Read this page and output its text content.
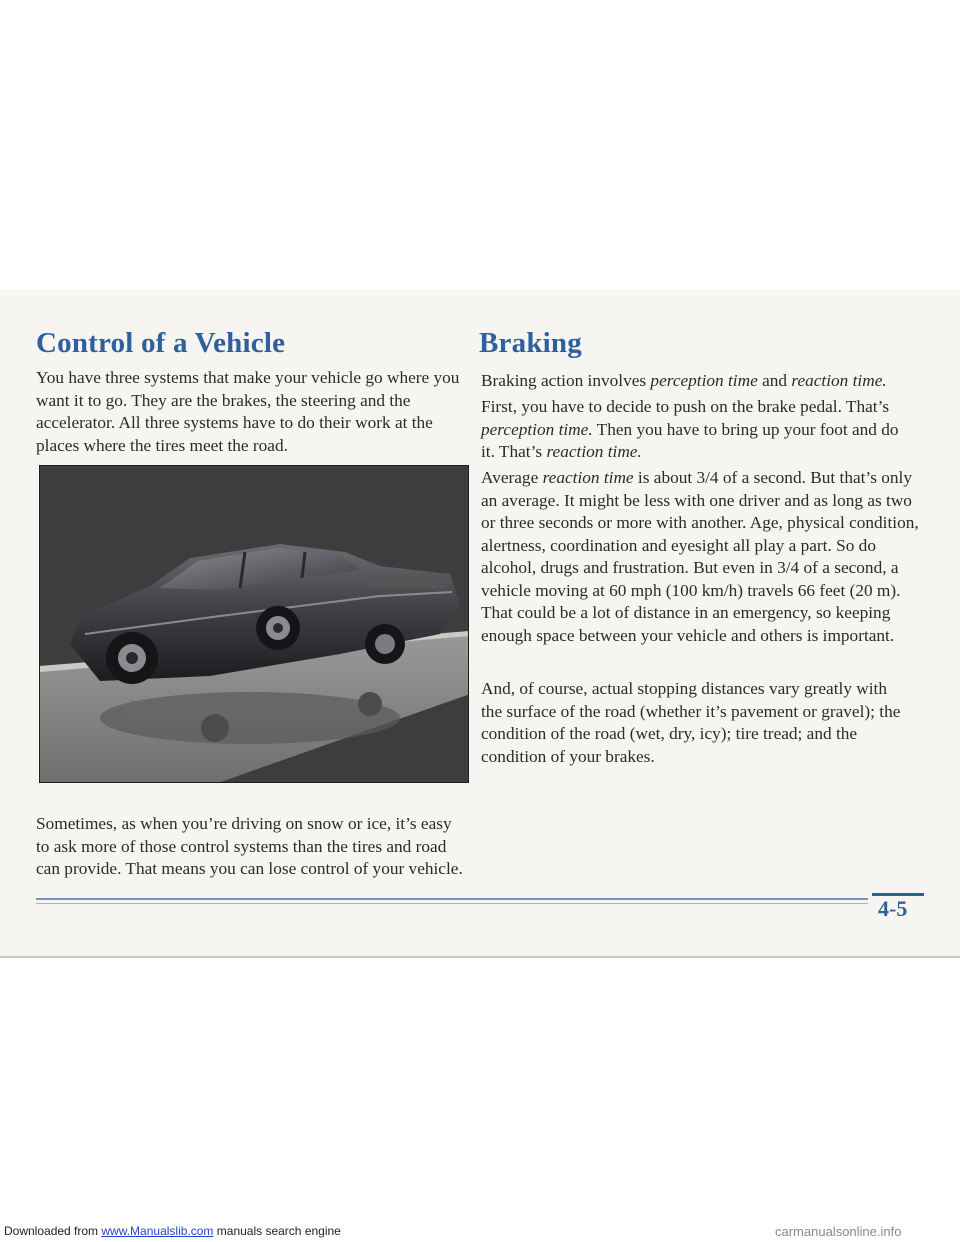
Control of a Vehicle	Braking

You have three systems that make your vehicle go where you want it to go. They are the brakes, the steering and the accelerator. All three systems have to do their work at the places where the tires meet the road.

Sometimes, as when you’re driving on snow or ice, it’s easy to ask more of those control systems than the tires and road can provide. That means you can lose control of your vehicle.

Braking action involves perception time and reaction time.

First, you have to decide to push on the brake pedal. That’s perception time. Then you have to bring up your foot and do it. That’s reaction time.

Average reaction time is about 3/4 of a second. But that’s only an average. It might be less with one driver and as long as two or three seconds or more with another. Age, physical condition, alertness, coordination and eyesight all play a part. So do alcohol, drugs and frustration. But even in 3/4 of a second, a vehicle moving at 60 mph (100 km/h) travels 66 feet (20 m). That could be a lot of distance in an emergency, so keeping enough space between your vehicle and others is important.

And, of course, actual stopping distances vary greatly with the surface of the road (whether it’s pavement or gravel); the condition of the road (wet, dry, icy); tire tread; and the condition of your brakes.

4-5
Downloaded from www.Manualslib.com manuals search engine	carmanualsonline.info
